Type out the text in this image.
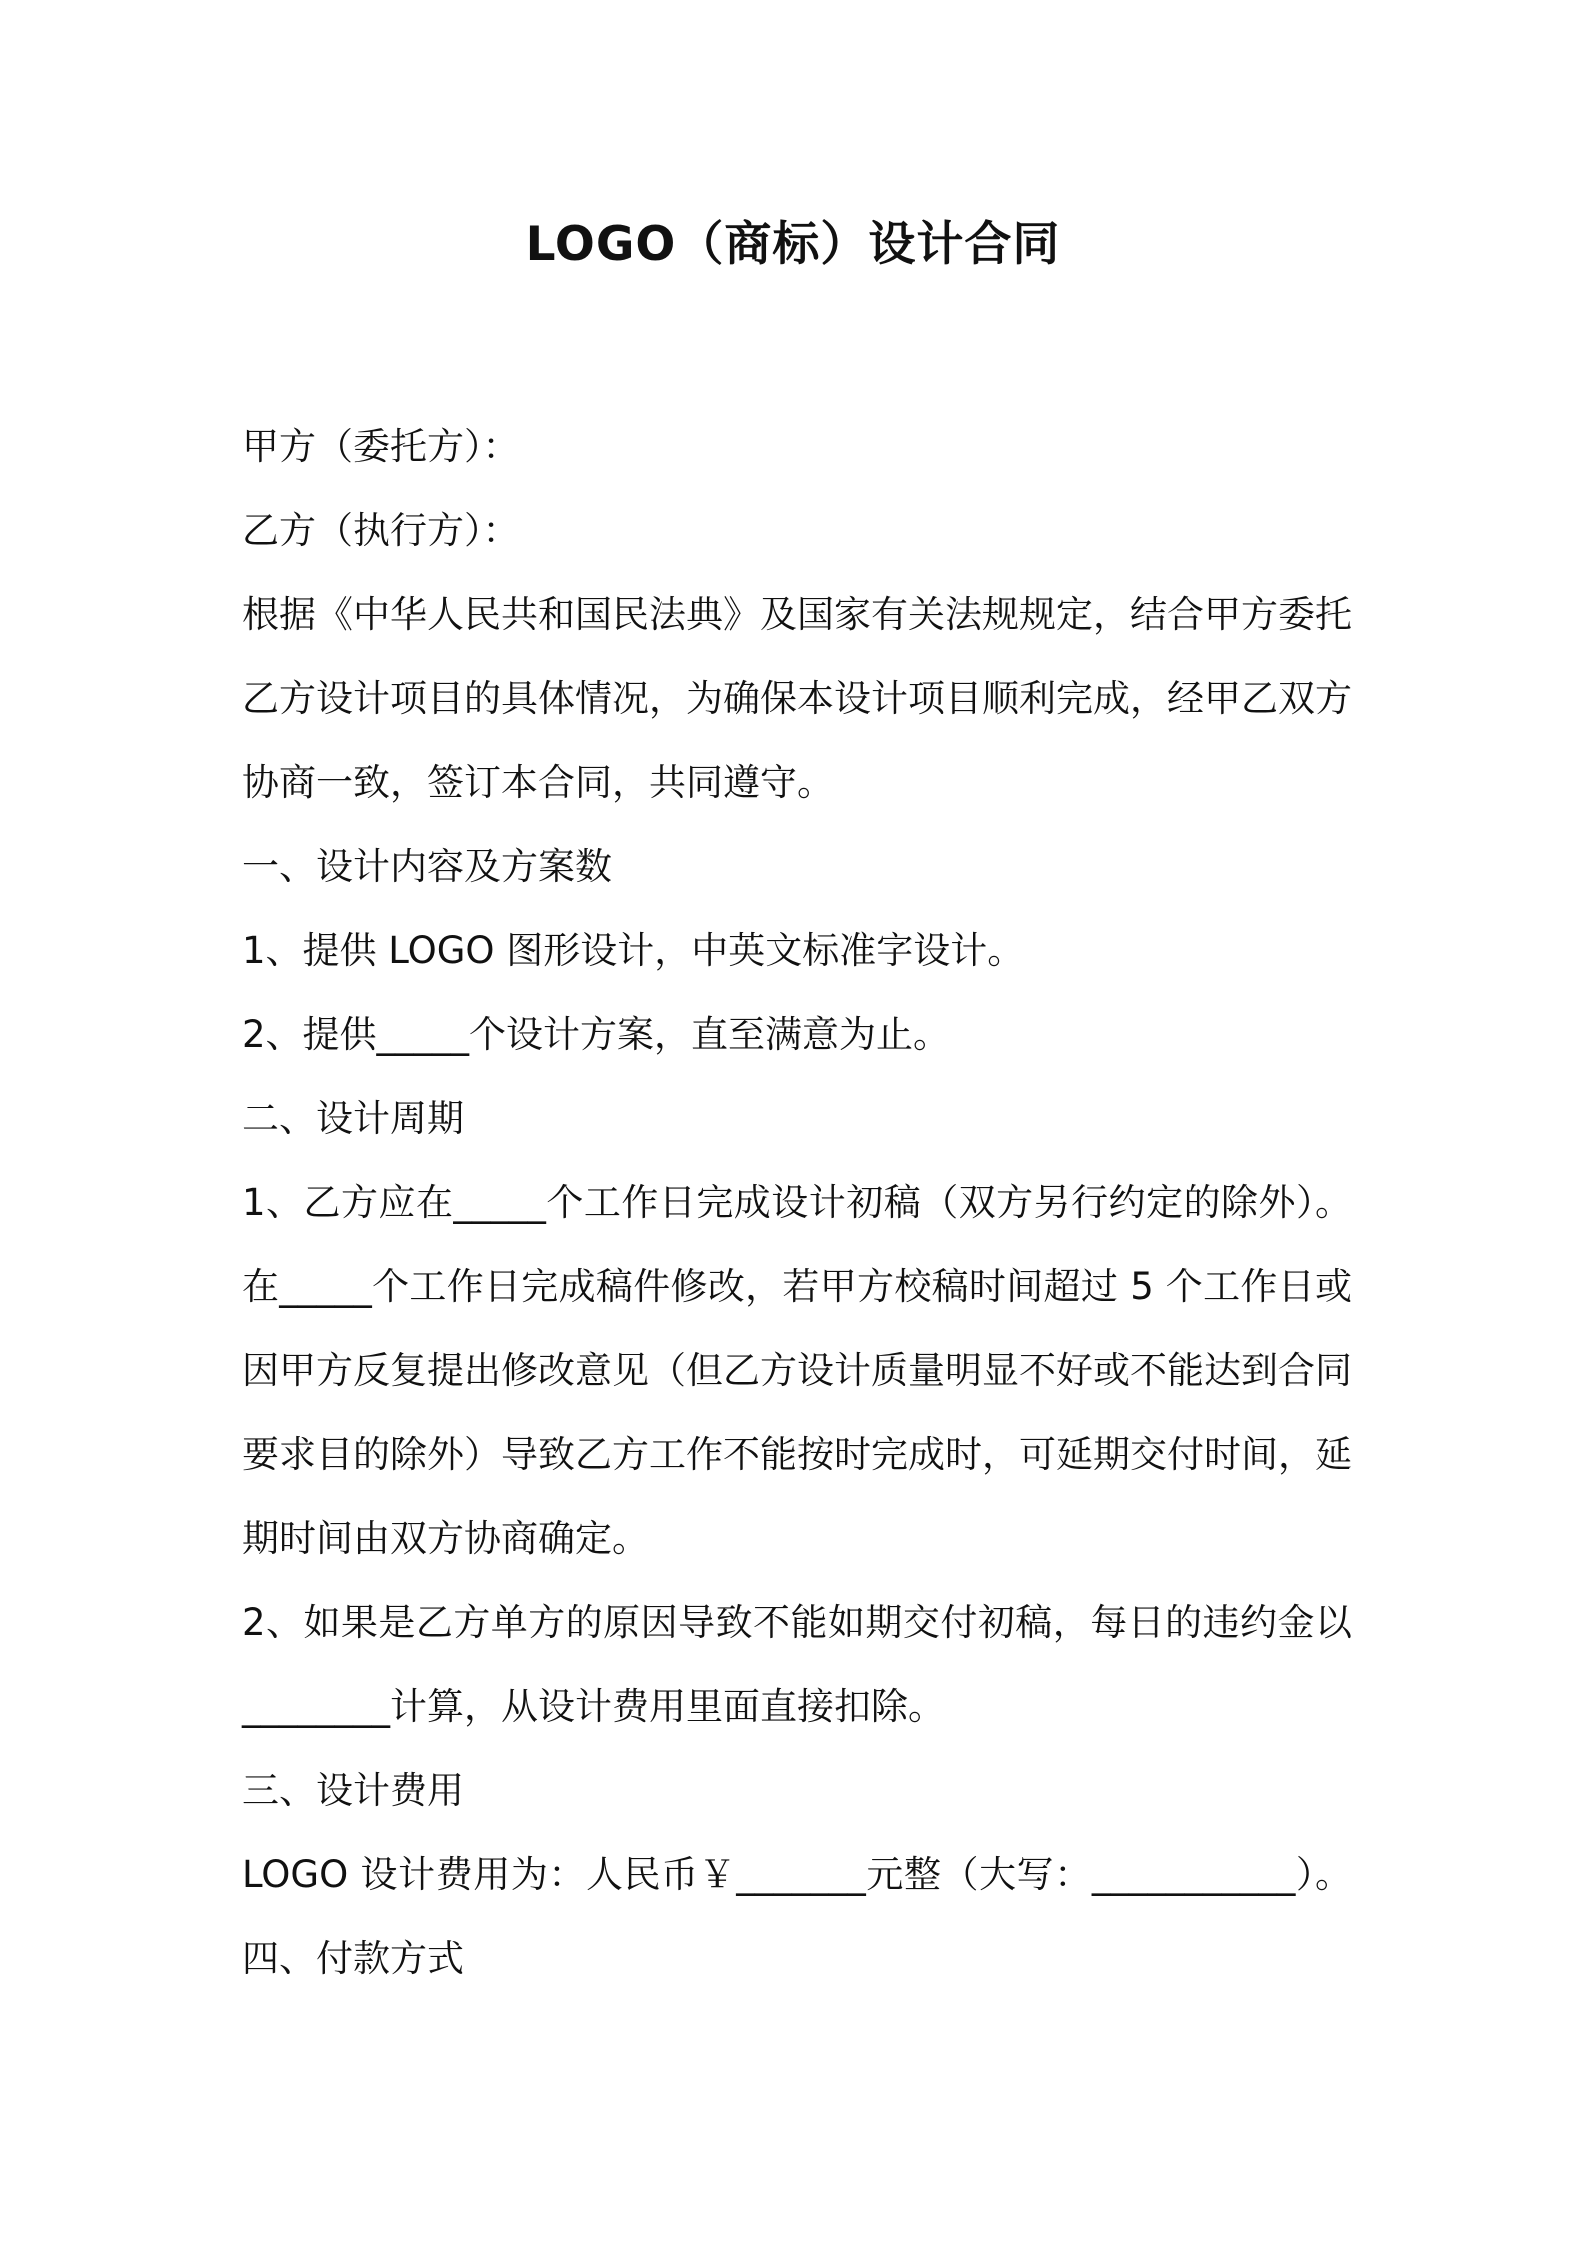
LOGO（商标）设计合同
甲方（委托方）：
乙方（执行方）：
根据《中华人民共和国民法典》及国家有关法规规定，结合甲方委托
乙方设计项目的具体情况，为确保本设计项目顺利完成，经甲乙双方
协商一致，签订本合同，共同遵守。
一、设计内容及方案数
1、提供 LOGO 图形设计，中英文标准字设计。
2、提供_____个设计方案，直至满意为止。
二、设计周期
1、乙方应在_____个工作日完成设计初稿（双方另行约定的除外）。
在_____个工作日完成稿件修改，若甲方校稿时间超过 5 个工作日或
因甲方反复提出修改意见（但乙方设计质量明显不好或不能达到合同
要求目的除外）导致乙方工作不能按时完成时，可延期交付时间，延
期时间由双方协商确定。
2、如果是乙方单方的原因导致不能如期交付初稿，每日的违约金以
________计算，从设计费用里面直接扣除。
三、设计费用
LOGO 设计费用为：人民币￥_______元整（大写：___________）。
四、付款方式
